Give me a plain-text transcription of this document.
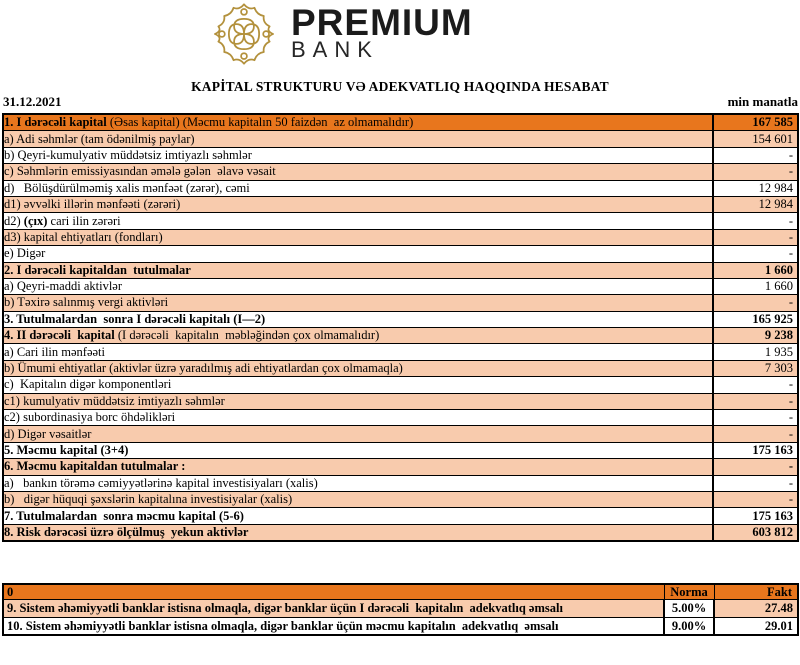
PREMIUM
BANK
KAPİTAL STRUKTURU VƏ ADEKVATLIQ HAQQINDA HESABAT
31.12.2021	min manatla
1. I dərəcəli kapital (Əsas kapital) (Məcmu kapitalın 50 faizdən  az olmamalıdır)	167 585
a) Adi səhmlər (tam ödənilmiş paylar)	154 601
b) Qeyri-kumulyativ müddətsiz imtiyazlı səhmlər	-
c) Səhmlərin emissiyasından əmələ gələn  əlavə vəsait	-
d)   Bölüşdürülməmiş xalis mənfəət (zərər), cəmi	12 984
d1) əvvəlki illərin mənfəəti (zərəri)	12 984
d2) (çıx) cari ilin zərəri	-
d3) kapital ehtiyatları (fondları)	-
e) Digər	-
2. I dərəcəli kapitaldan  tutulmalar	1 660
a) Qeyri-maddi aktivlər	1 660
b) Təxirə salınmış vergi aktivləri	-
3. Tutulmalardan  sonra I dərəcəli kapitalı (I—2)	165 925
4. II dərəcəli  kapital (I dərəcəli  kapitalın  məbləğindən çox olmamalıdır)	9 238
a) Cari ilin mənfəəti	1 935
b) Ümumi ehtiyatlar (aktivlər üzrə yaradılmış adi ehtiyatlardan çox olmamaqla)	7 303
c)  Kapitalın digər komponentləri	-
c1) kumulyativ müddətsiz imtiyazlı səhmlər	-
c2) subordinasiya borc öhdəlikləri	-
d) Digər vəsaitlər	-
5. Məcmu kapital (3+4)	175 163
6. Məcmu kapitaldan tutulmalar :	-
a)   bankın törəmə cəmiyyətlərinə kapital investisiyaları (xalis)	-
b)   digər hüquqi şəxslərin kapitalına investisiyalar (xalis)	-
7. Tutulmalardan  sonra məcmu kapital (5-6)	175 163
8. Risk dərəcəsi üzrə ölçülmuş  yekun aktivlər	603 812
0	Norma	Fakt
9. Sistem əhəmiyyətli banklar istisna olmaqla, digər banklar üçün I dərəcəli  kapitalın  adekvatlıq əmsalı	5.00%	27.48
10. Sistem əhəmiyyətli banklar istisna olmaqla, digər banklar üçün məcmu kapitalın  adekvatlıq  əmsalı	9.00%	29.01
